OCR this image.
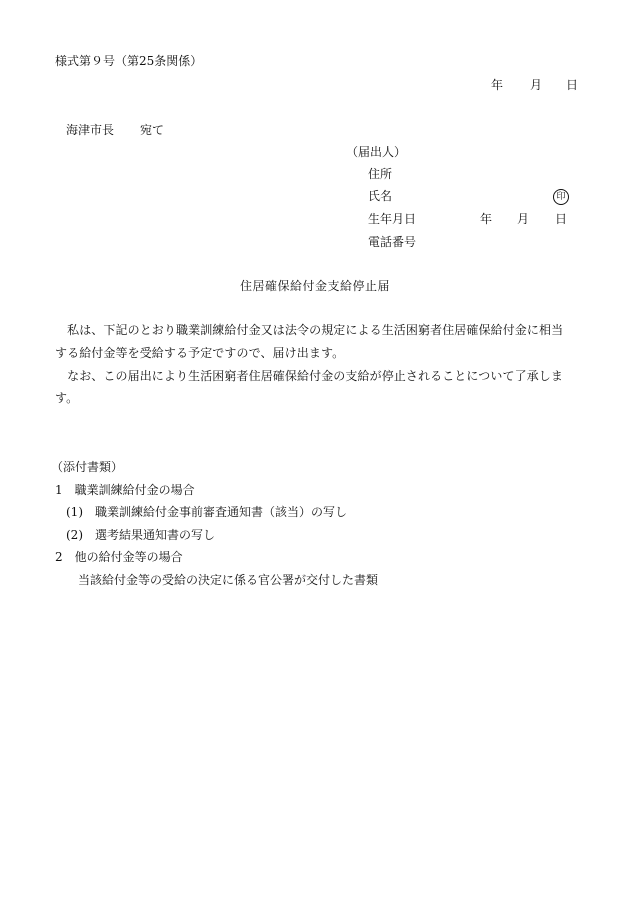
様式第９号（第25条関係）
年 月 日
海津市長 宛て
（届出人）
住所
氏名	印
生年月日	年 月 日
電話番号
住居確保給付金支給停止届
　私は、下記のとおり職業訓練給付金又は法令の規定による生活困窮者住居確保給付金に相当
する給付金等を受給する予定ですので、届け出ます。
　なお、この届出により生活困窮者住居確保給付金の支給が停止されることについて了承しま
す。
（添付書類）
1　職業訓練給付金の場合
(1)　職業訓練給付金事前審査通知書（該当）の写し
(2)　選考結果通知書の写し
2　他の給付金等の場合
当該給付金等の受給の決定に係る官公署が交付した書類
